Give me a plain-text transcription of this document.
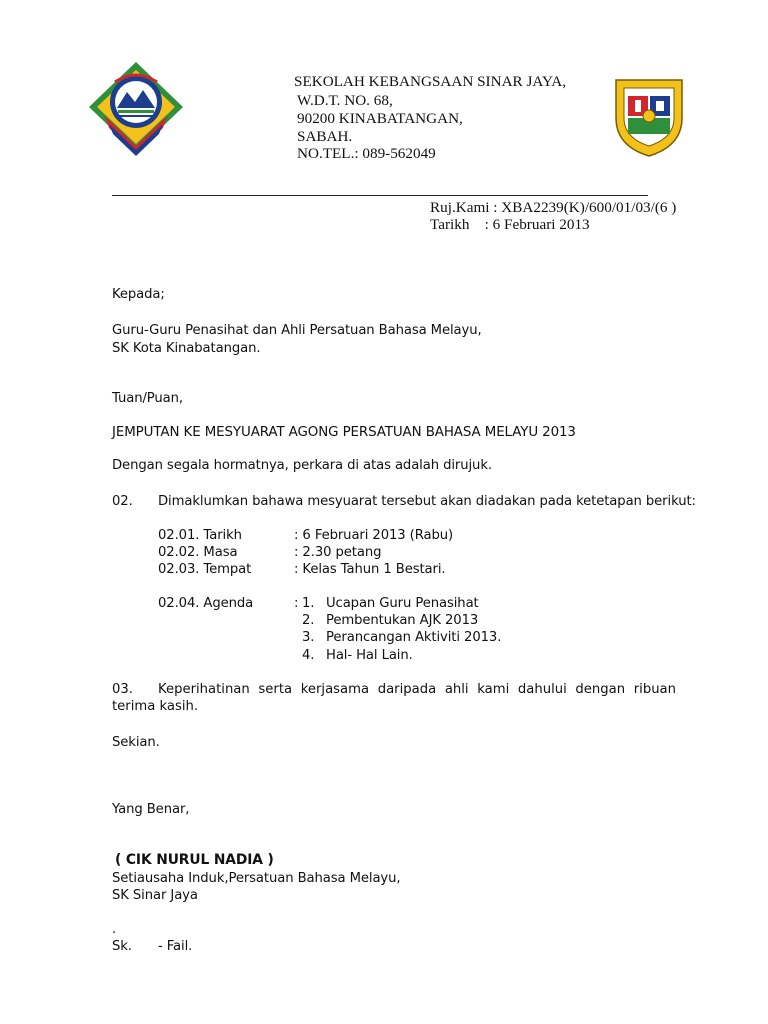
SEKOLAH KEBANGSAAN SINAR JAYA,
W.D.T. NO. 68,
90200 KINABATANGAN,
SABAH.
NO.TEL.: 089-562049
Ruj.Kami : XBA2239(K)/600/01/03/(6 )
Tarikh    : 6 Februari 2013
Kepada;
Guru-Guru Penasihat dan Ahli Persatuan Bahasa Melayu,
SK Kota Kinabatangan.
Tuan/Puan,
JEMPUTAN KE MESYUARAT AGONG PERSATUAN BAHASA MELAYU 2013
Dengan segala hormatnya, perkara di atas adalah dirujuk.
02. Dimaklumkan bahawa mesyuarat tersebut akan diadakan pada ketetapan berikut:
02.01. Tarikh	: 6 Februari 2013 (Rabu)
02.02. Masa	: 2.30 petang
02.03. Tempat	: Kelas Tahun 1 Bestari.
02.04. Agenda	: 1. Ucapan Guru Penasihat
2. Pembentukan AJK 2013
3. Perancangan Aktiviti 2013.
4. Hal- Hal Lain.
03. Keperihatinan serta kerjasama daripada ahli kami dahului dengan ribuan terima kasih.
Sekian.
Yang Benar,
( CIK NURUL NADIA )
Setiausaha Induk,Persatuan Bahasa Melayu,
SK Sinar Jaya
.
Sk. - Fail.
